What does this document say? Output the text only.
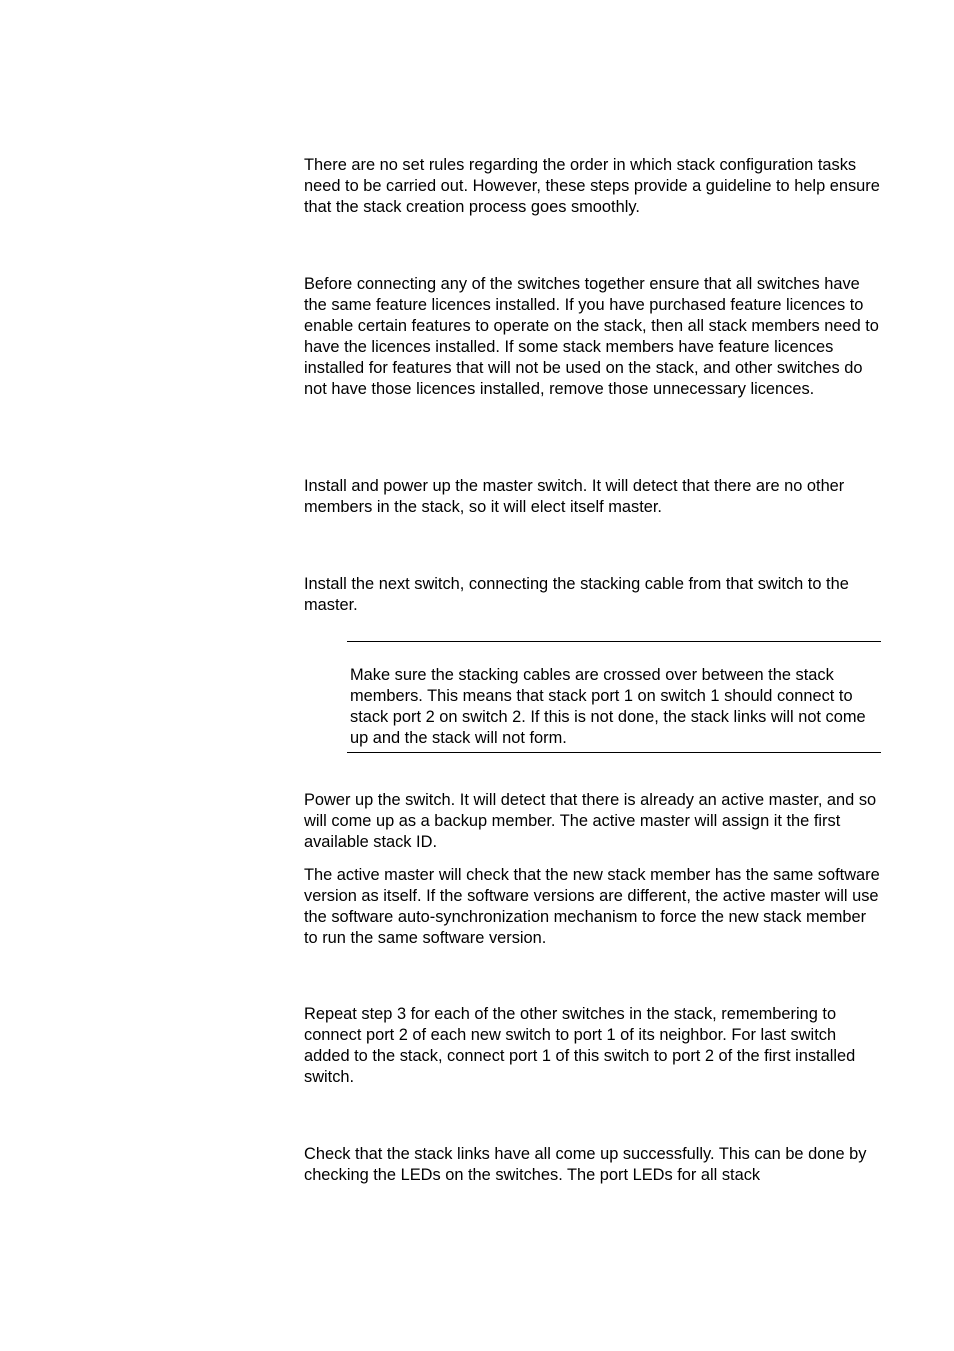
There are no set rules regarding the order in which stack configuration tasks need to be carried out. However, these steps provide a guideline to help ensure that the stack creation process goes smoothly.

Before connecting any of the switches together ensure that all switches have the same feature licences installed. If you have purchased feature licences to enable certain features to operate on the stack, then all stack members need to have the licences installed. If some stack members have feature licences installed for features that will not be used on the stack, and other switches do not have those licences installed, remove those unnecessary licences.

Install and power up the master switch. It will detect that there are no other members in the stack, so it will elect itself master.

Install the next switch, connecting the stacking cable from that switch to the master.

Make sure the stacking cables are crossed over between the stack members. This means that stack port 1 on switch 1 should connect to stack port 2 on switch 2. If this is not done, the stack links will not come up and the stack will not form.

Power up the switch. It will detect that there is already an active master, and so will come up as a backup member. The active master will assign it the first available stack ID.

The active master will check that the new stack member has the same software version as itself. If the software versions are different, the active master will use the software auto-synchronization mechanism to force the new stack member to run the same software version.

Repeat step 3 for each of the other switches in the stack, remembering to connect port 2 of each new switch to port 1 of its neighbor. For last switch added to the stack, connect port 1 of this switch to port 2 of the first installed switch.

Check that the stack links have all come up successfully. This can be done by checking the LEDs on the switches. The port LEDs for all stack
